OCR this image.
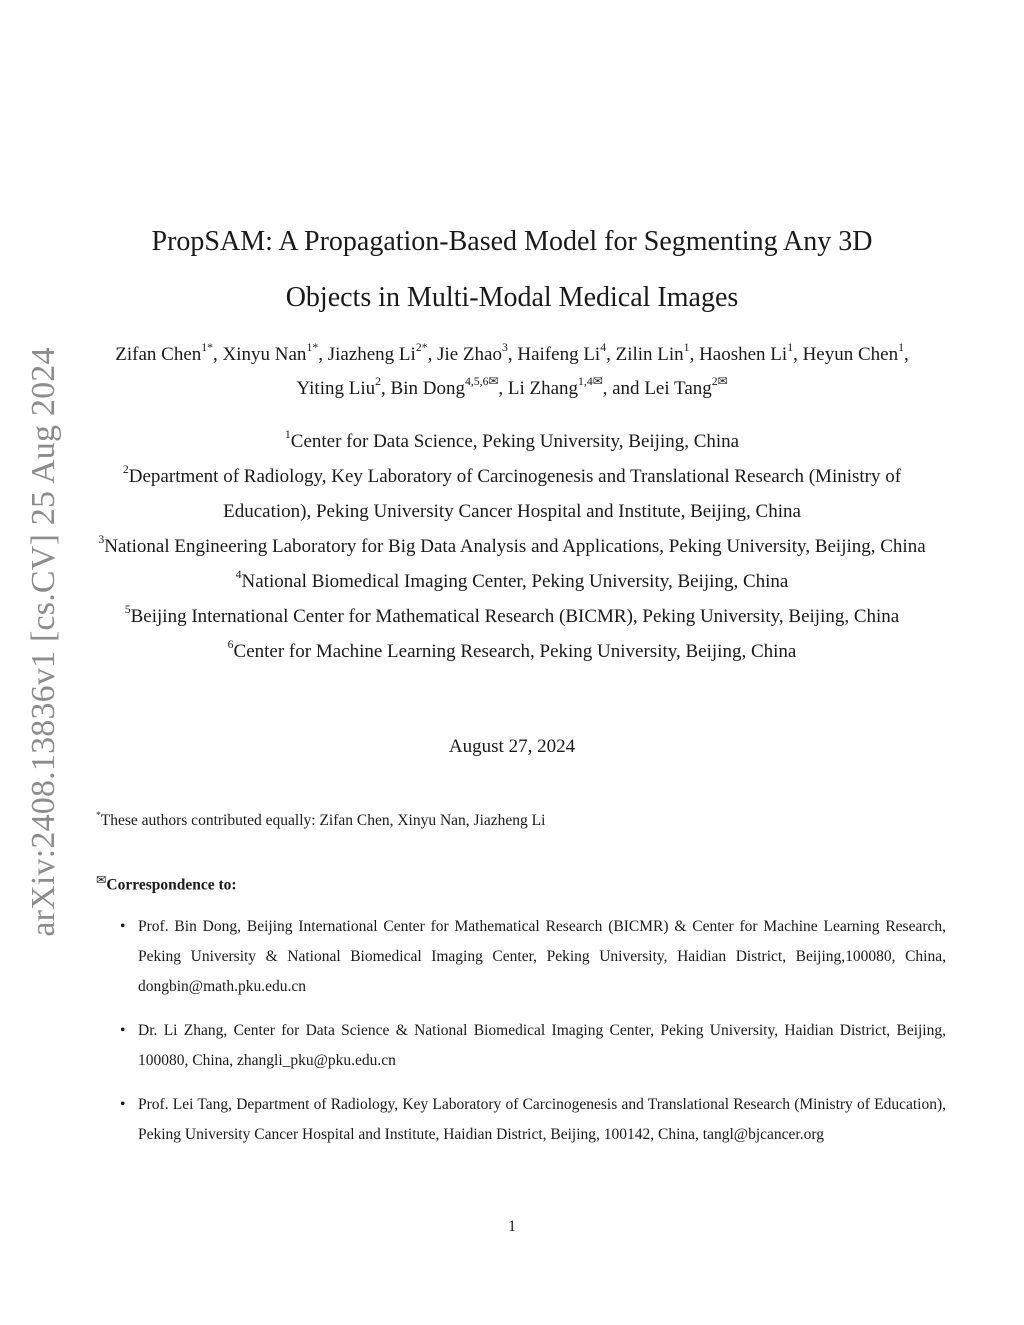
arXiv:2408.13836v1 [cs.CV] 25 Aug 2024
PropSAM: A Propagation-Based Model for Segmenting Any 3D
Objects in Multi-Modal Medical Images
Zifan Chen$^{1*}$, Xinyu Nan$^{1*}$, Jiazheng $Li^{2*}$, Jie Zhao$^3$, Haifeng Li$^4$, Zilin Lin$^1$, Haoshen Li$^1$, Heyun Chen$^1$, Yiting Liu$^2$, Bin Dong$^{4,5,6✉}$, Li Zhang$^{1,4✉}$, and Lei Tang$^{2✉}$

$^1$Center for Data Science, Peking University, Beijing, China

$^2$Department of Radiology, Key Laboratory of Carcinogenesis and Translational Research (Ministry of Education), Peking University Cancer Hospital and Institute, Beijing, China

$^3$National Engineering Laboratory for Big Data Analysis and Applications, Peking University, Beijing, China

$^4$National Biomedical Imaging Center, Peking University, Beijing, China

$^5$Beijing International Center for Mathematical Research (BICMR), Peking University, Beijing, China

$^6$Center for Machine Learning Research, Peking University, Beijing, China

August 27, 2024
*These authors contributed equally: Zifan Chen, Xinyu Nan, Jiazheng Li
✉Correspondence to:
• Prof. Bin Dong, Beijing International Center for Mathematical Research (BICMR) & Center for Machine Learning Research, Peking University & National Biomedical Imaging Center, Peking University, Haidian District, Beijing,100080, China, dongbin@math.pku.edu.cn
• Dr. Li Zhang, Center for Data Science & National Biomedical Imaging Center, Peking University, Haidian District, Beijing, 100080, China, zhangli_pku@pku.edu.cn
• Prof. Lei Tang, Department of Radiology, Key Laboratory of Carcinogenesis and Translational Research (Ministry of Education), Peking University Cancer Hospital and Institute, Haidian District, Beijing, 100142, China, tangl@bjcancer.org
1
